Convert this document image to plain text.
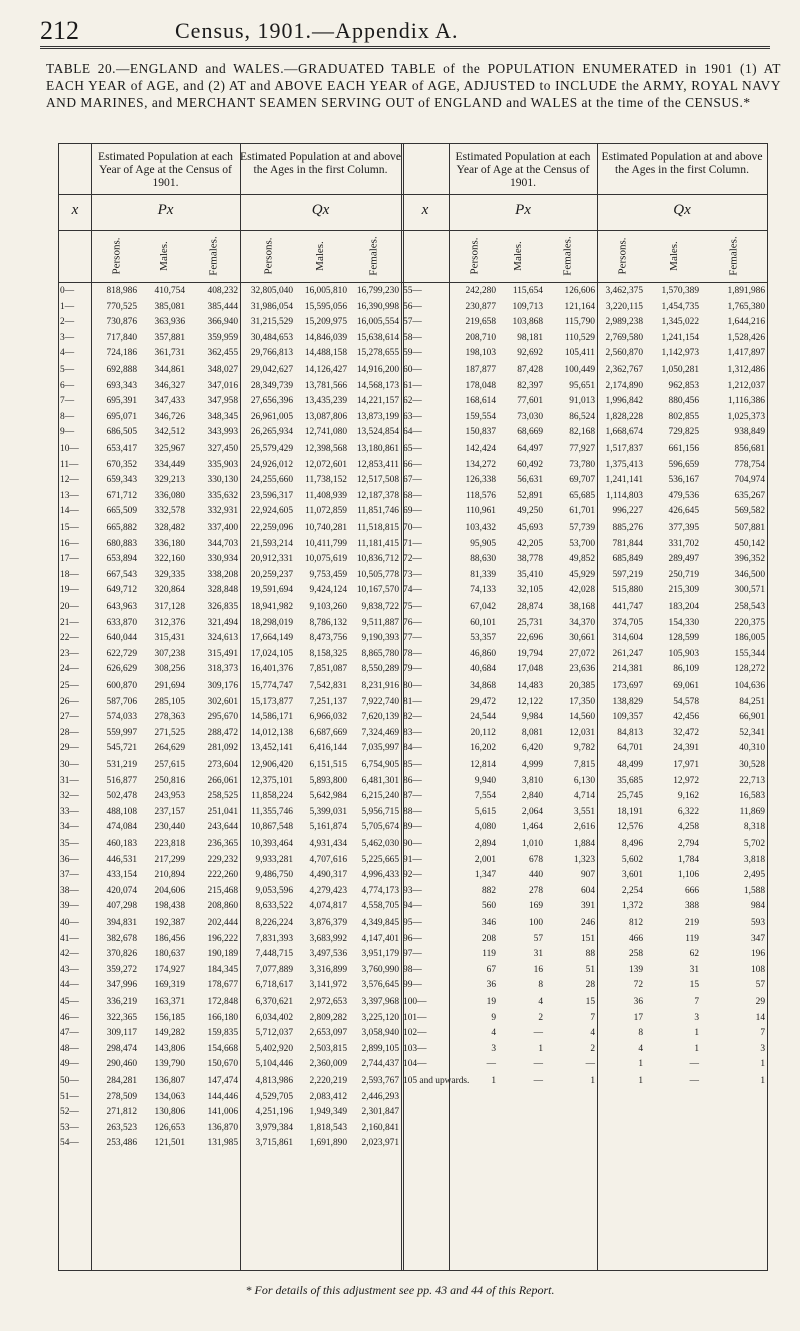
212	Census, 1901.—Appendix A.
TABLE 20.—ENGLAND and WALES.—GRADUATED TABLE of the POPULATION ENUMERATED in 1901 (1) AT EACH YEAR of AGE, and (2) AT and ABOVE EACH YEAR of AGE, ADJUSTED to INCLUDE the ARMY, ROYAL NAVY AND MARINES, and MERCHANT SEAMEN SERVING OUT of ENGLAND and WALES at the time of the CENSUS.*
Estimated Population at each Year of Age at the Census of 1901.
Estimated Population at and above the Ages in the first Column.
Estimated Population at each Year of Age at the Census of 1901.
Estimated Population at and above the Ages in the first Column.
x	Px	Qx	x	Px	Qx
Persons.	Males.	Females.	Persons.	Males.	Females.	Persons.	Males.	Females.	Persons.	Males.	Females.
0—	818,986 410,754 408,232 32,805,040 16,005,810 16,799,230 55—	242,280 115,654 126,606 3,462,375 1,570,389	1,891,986
1—	770,525 385,081 385,444 31,986,054 15,595,056 16,390,998 56—	230,877 109,713 121,164 3,220,115 1,454,735	1,765,380
2—	730,876 363,936 366,940 31,215,529 15,209,975 16,005,554 57—	219,658 103,868 115,790 2,989,238 1,345,022	1,644,216
3—	717,840 357,881 359,959 30,484,653 14,846,039 15,638,614 58—	208,710 98,181 110,529 2,769,580 1,241,154	1,528,426
4—	724,186 361,731 362,455 29,766,813 14,488,158 15,278,655 59—	198,103 92,692 105,411 2,560,870 1,142,973	1,417,897
5—	692,888 344,861 348,027 29,042,627 14,126,427 14,916,200 60—	187,877 87,428 100,449 2,362,767 1,050,281	1,312,486
6—	693,343 346,327 347,016 28,349,739 13,781,566 14,568,173 61—	178,048 82,397	95,651 2,174,890	962,853	1,212,037
7—	695,391 347,433 347,958 27,656,396 13,435,239 14,221,157 62—	168,614 77,601	91,013 1,996,842	880,456	1,116,386
8—	695,071 346,726 348,345 26,961,005 13,087,806 13,873,199 63—	159,554 73,030	86,524 1,828,228	802,855	1,025,373
9—	686,505 342,512 343,993 26,265,934 12,741,080 13,524,854 64—	150,837 68,669	82,168 1,668,674	729,825	938,849
10—	653,417 325,967 327,450 25,579,429 12,398,568 13,180,861 65—	142,424 64,497	77,927 1,517,837	661,156	856,681
11—	670,352 334,449 335,903 24,926,012 12,072,601 12,853,411 66—	134,272 60,492	73,780 1,375,413	596,659	778,754
12—	659,343 329,213 330,130 24,255,660 11,738,152 12,517,508 67—	126,338 56,631	69,707 1,241,141	536,167	704,974
13—	671,712 336,080 335,632 23,596,317 11,408,939 12,187,378 68—	118,576 52,891	65,685 1,114,803	479,536	635,267
14—	665,509 332,578 332,931 22,924,605 11,072,859 11,851,746 69—	110,961 49,250	61,701 996,227	426,645	569,582
15—	665,882 328,482 337,400 22,259,096 10,740,281 11,518,815 70—	103,432 45,693	57,739 885,276	377,395	507,881
16—	680,883 336,180 344,703 21,593,214 10,411,799 11,181,415 71—	95,905 42,205	53,700 781,844	331,702	450,142
17—	653,894 322,160 330,934 20,912,331 10,075,619 10,836,712 72—	88,630 38,778	49,852 685,849	289,497	396,352
18—	667,543 329,335 338,208 20,259,237 9,753,459 10,505,778 73—	81,339 35,410	45,929 597,219	250,719	346,500
19—	649,712 320,864 328,848 19,591,694 9,424,124 10,167,570 74—	74,133 32,105	42,028 515,880	215,309	300,571
20—	643,963 317,128 326,835 18,941,982 9,103,260 9,838,722 75—	67,042 28,874	38,168 441,747	183,204	258,543
21—	633,870 312,376 321,494 18,298,019 8,786,132 9,511,887 76—	60,101 25,731	34,370 374,705	154,330	220,375
22—	640,044 315,431 324,613 17,664,149 8,473,756 9,190,393 77—	53,357 22,696	30,661 314,604	128,599	186,005
23—	622,729 307,238 315,491 17,024,105 8,158,325 8,865,780 78—	46,860 19,794	27,072 261,247	105,903	155,344
24—	626,629 308,256 318,373 16,401,376 7,851,087 8,550,289 79—	40,684 17,048	23,636 214,381	86,109	128,272
25—	600,870 291,694 309,176 15,774,747 7,542,831 8,231,916 80—	34,868 14,483	20,385 173,697	69,061	104,636
26—	587,706 285,105 302,601 15,173,877 7,251,137 7,922,740 81—	29,472 12,122	17,350 138,829	54,578	84,251
27—	574,033 278,363 295,670 14,586,171 6,966,032 7,620,139 82—	24,544	9,984	14,560 109,357	42,456	66,901
28—	559,997 271,525 288,472 14,012,138 6,687,669 7,324,469 83—	20,112	8,081	12,031 84,813	32,472	52,341
29—	545,721 264,629 281,092 13,452,141 6,416,144 7,035,997 84—	16,202	6,420	9,782 64,701	24,391	40,310
30—	531,219 257,615 273,604 12,906,420 6,151,515 6,754,905 85—	12,814	4,999	7,815 48,499	17,971	30,528
31—	516,877 250,816 266,061 12,375,101 5,893,800 6,481,301 86—	9,940	3,810	6,130 35,685	12,972	22,713
32—	502,478 243,953 258,525 11,858,224 5,642,984 6,215,240 87—	7,554	2,840	4,714 25,745	9,162	16,583
33—	488,108 237,157 251,041 11,355,746 5,399,031 5,956,715 88—	5,615	2,064	3,551 18,191	6,322	11,869
34—	474,084 230,440 243,644 10,867,548 5,161,874 5,705,674 89—	4,080	1,464	2,616 12,576	4,258	8,318
35—	460,183 223,818 236,365 10,393,464 4,931,434 5,462,030 90—	2,894	1,010	1,884	8,496	2,794	5,702
36—	446,531 217,299 229,232 9,933,281 4,707,616 5,225,665 91—	2,001	678	1,323	5,602	1,784	3,818
37—	433,154 210,894 222,260 9,486,750 4,490,317 4,996,433 92—	1,347	440	907	3,601	1,106	2,495
38—	420,074 204,606 215,468 9,053,596 4,279,423 4,774,173 93—	882	278	604	2,254	666	1,588
39—	407,298 198,438 208,860 8,633,522 4,074,817 4,558,705 94—	560	169	391	1,372	388	984
40—	394,831 192,387 202,444 8,226,224 3,876,379 4,349,845 95—	346	100	246	812	219	593
41—	382,678 186,456 196,222 7,831,393 3,683,992 4,147,401 96—	208	57	151	466	119	347
42—	370,826 180,637 190,189 7,448,715 3,497,536 3,951,179 97—	119	31	88	258	62	196
43—	359,272 174,927 184,345 7,077,889 3,316,899 3,760,990 98—	67	16	51	139	31	108
44—	347,996 169,319 178,677 6,718,617 3,141,972 3,576,645 99—	36	8	28	72	15	57
45—	336,219 163,371 172,848 6,370,621 2,972,653 3,397,968 100—	19	4	15	36	7	29
46—	322,365 156,185 166,180 6,034,402 2,809,282 3,225,120 101—	9	2	7	17	3	14
47—	309,117 149,282 159,835 5,712,037 2,653,097 3,058,940 102—	4	—	4	8	1	7
48—	298,474 143,806 154,668 5,402,920 2,503,815 2,899,105 103—	3	1	2	4	1	3
49—	290,460 139,790 150,670 5,104,446 2,360,009 2,744,437 104—	—	—	—	1	—	1
50—	284,281 136,807 147,474 4,813,986 2,220,219 2,593,767 105 and upwards. 1	—	1	1	—	1
51—	278,509 134,063 144,446 4,529,705 2,083,412 2,446,293
52—	271,812 130,806 141,006 4,251,196 1,949,349 2,301,847
53—	263,523 126,653 136,870 3,979,384 1,818,543 2,160,841
54—	253,486 121,501 131,985 3,715,861 1,691,890 2,023,971
* For details of this adjustment see pp. 43 and 44 of this Report.
